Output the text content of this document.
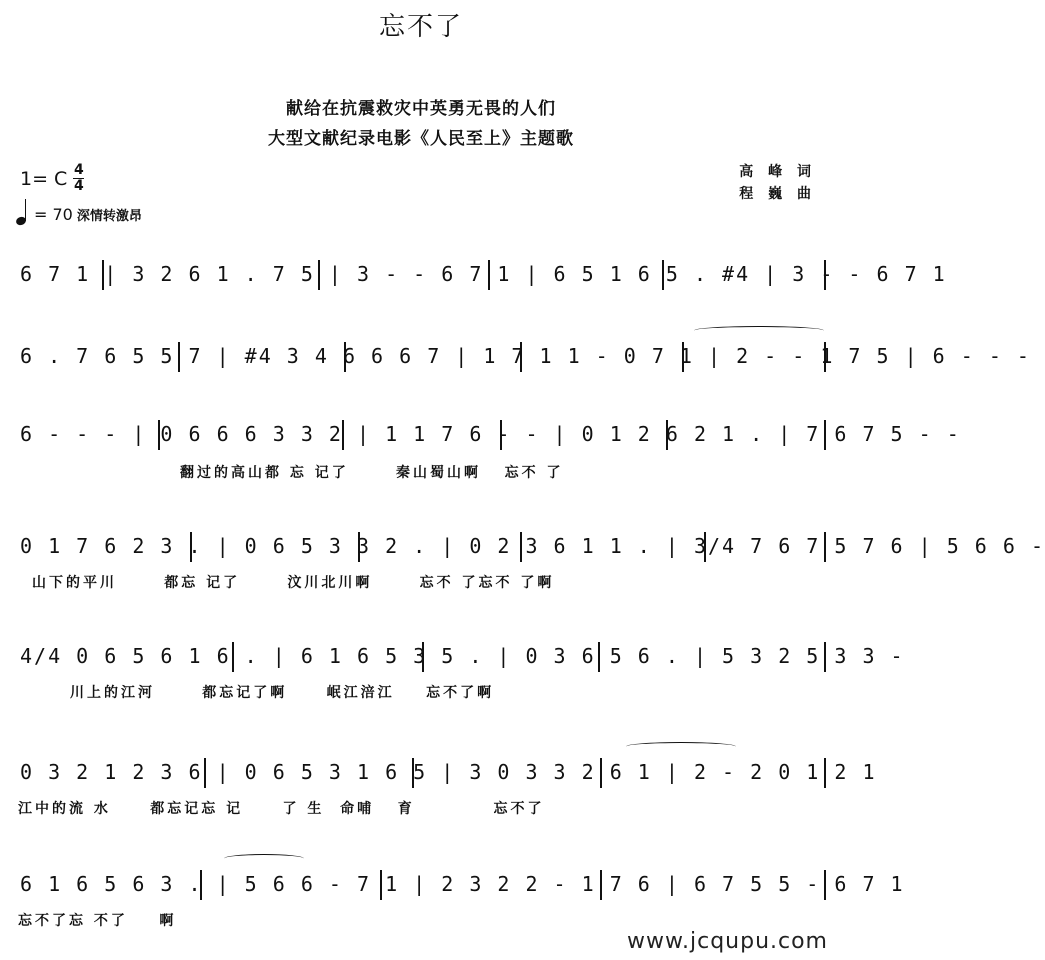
忘不了
献给在抗震救灾中英勇无畏的人们
大型文献纪录电影《人民至上》主题歌
1= C $\frac{4}{4}$
= 70 深情转激昂
高 峰 词
程 巍 曲
6 7 1 | 3 2 6 1 . 7 5 | 3 - - 6 7 1 | 6 5 1 6 5 . #4 | 3 - - 6 7 1
6 . 7 6 5 5 7 | #4 3 4 6 6 6 7 | 1 7 1 1 - 0 7 1 | 2 - - 1 7 5 | 6 - - -
6 - - - | 0 6 6 6 3 3 2 | 1 1 7 6 - - | 0 1 2 6 2 1 . | 7 6 7 5 - -
翻过的高山都 忘 记了      秦山蜀山啊   忘不 了
0 1 7 6 2 3 . | 0 6 5 3 3 2 . | 0 2 3 6 1 1 . | 3/4 7 6 7 5 7 6 | 5 6 6 -
山下的平川      都忘 记了      汶川北川啊      忘不 了忘不 了啊
4/4 0 6 5 6 1 6 . | 6 1 6 5 3 5 . | 0 3 6 5 6 . | 5 3 2 5 3 3 -
川上的江河      都忘记了啊     岷江涪江    忘不了啊
0 3 2 1 2 3 6 | 0 6 5 3 1 6 5 | 3 0 3 3 2 6 1 | 2 - 2 0 1 2 1
江中的流 水     都忘记忘 记     了 生  命哺   育          忘不了
6 1 6 5 6 3 . | 5 6 6 - 7 1 | 2 3 2 2 - 1 7 6 | 6 7 5 5 - 6 7 1
忘不了忘 不了    啊
www.jcqupu.com
